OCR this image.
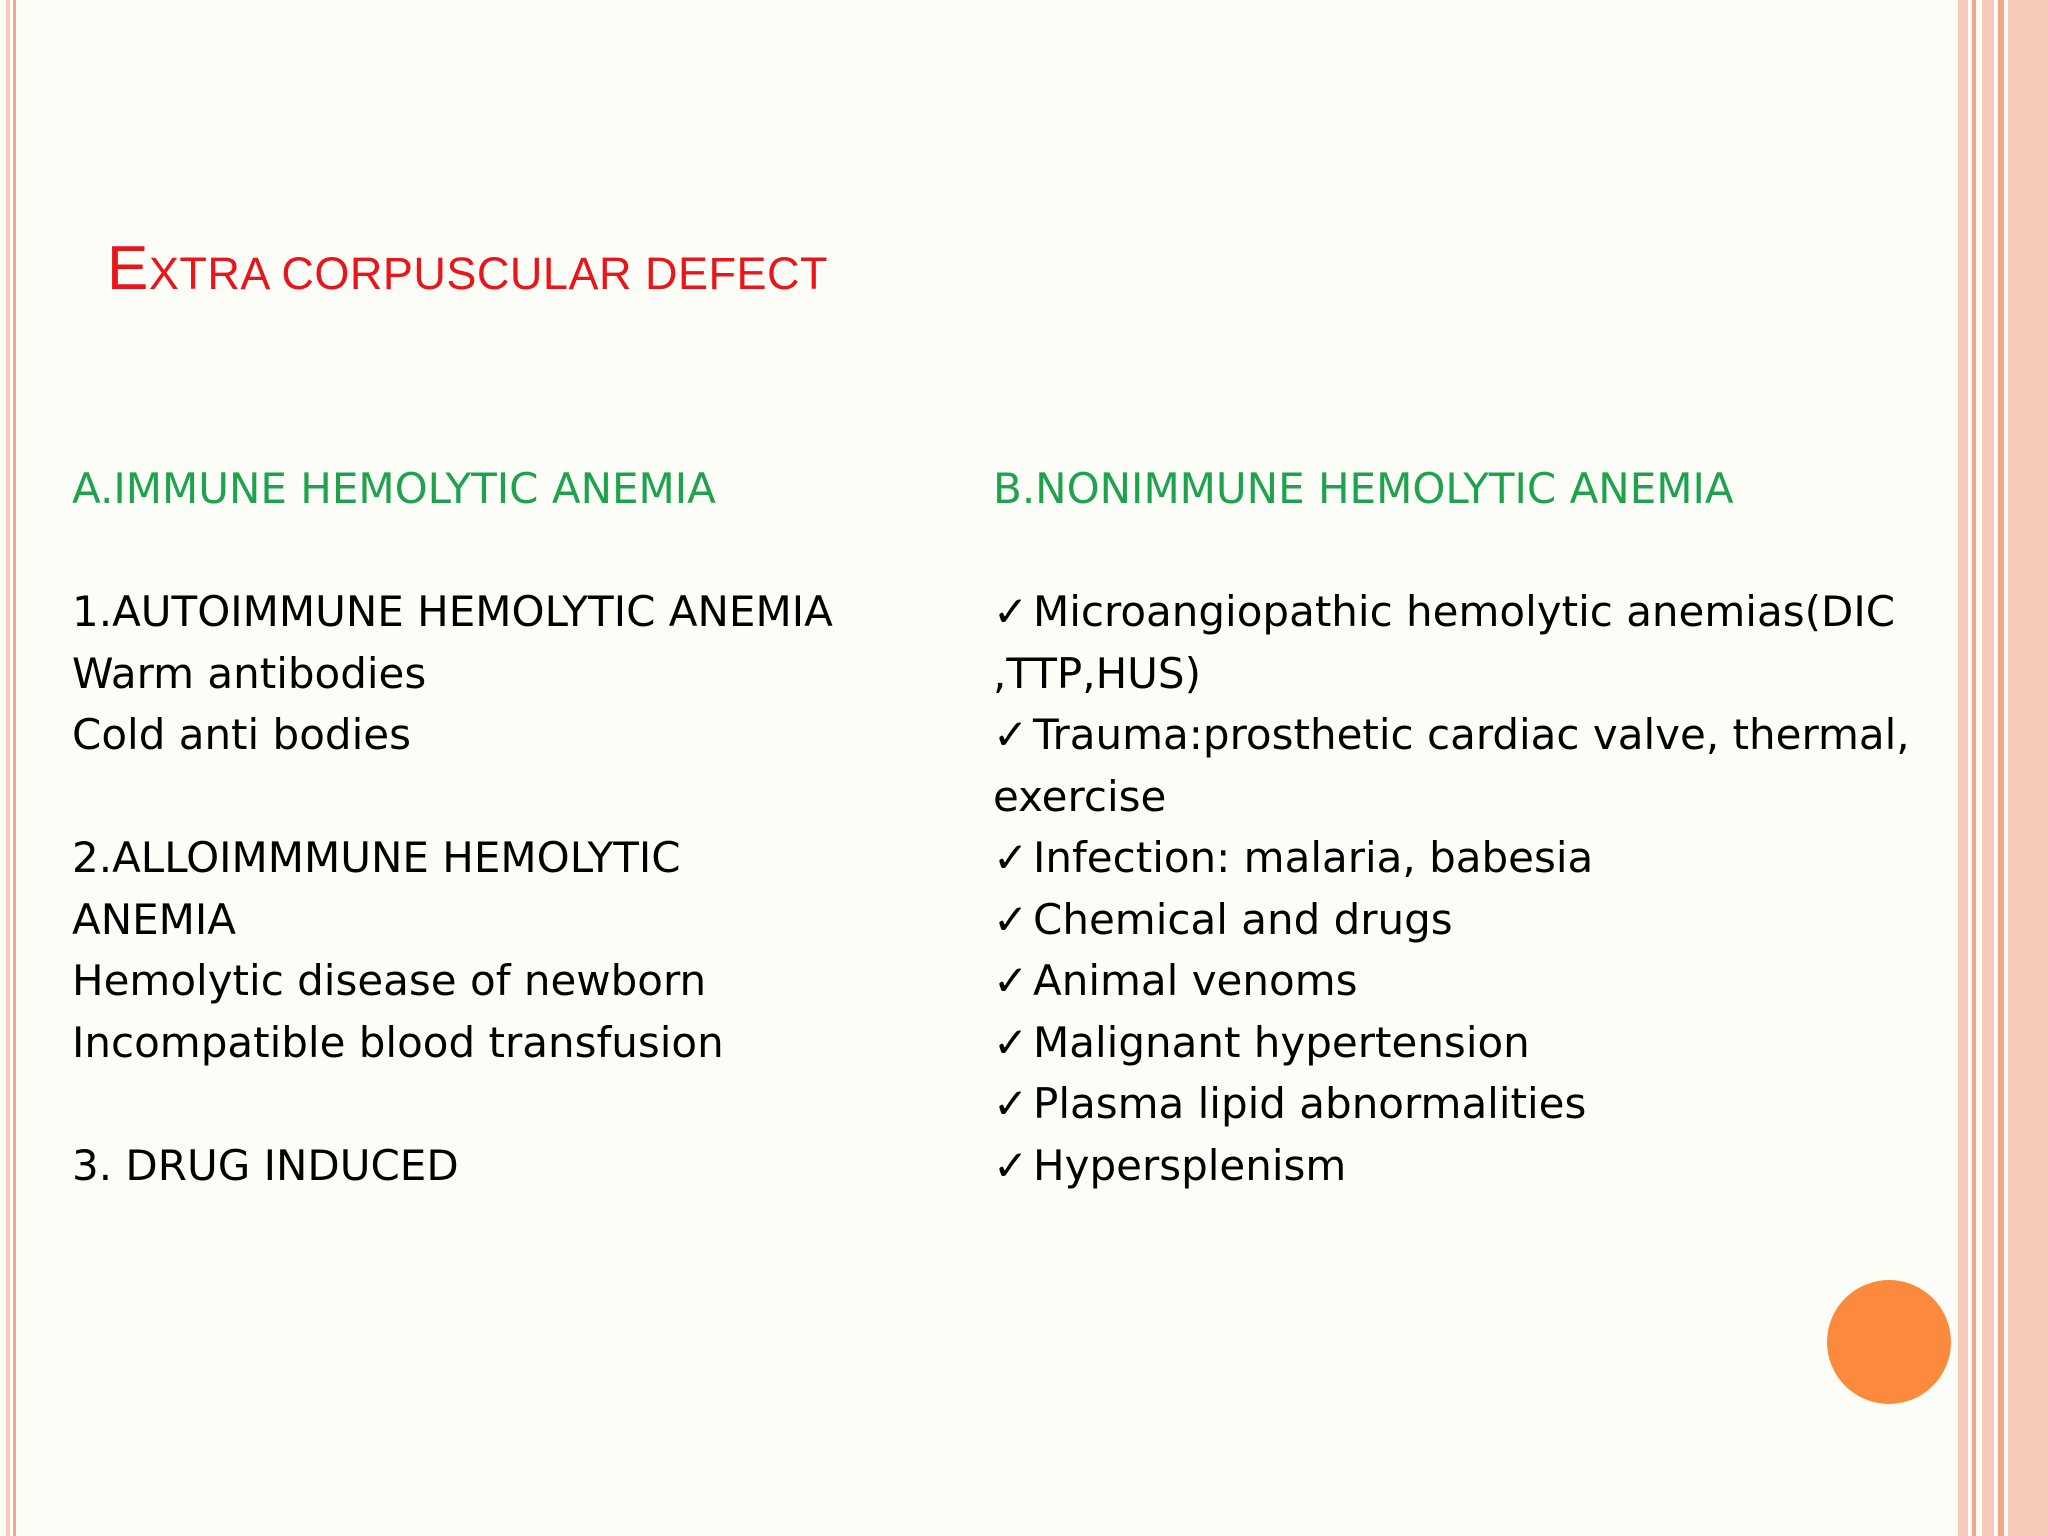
EXTRA CORPUSCULAR DEFECT
A.IMMUNE HEMOLYTIC ANEMIA
1.AUTOIMMUNE HEMOLYTIC ANEMIA
Warm antibodies
Cold anti bodies
2.ALLOIMMMUNE HEMOLYTIC
ANEMIA
Hemolytic disease of newborn
Incompatible blood transfusion
3. DRUG INDUCED
B.NONIMMUNE HEMOLYTIC ANEMIA
✓ Microangiopathic hemolytic anemias(DIC
,TTP,HUS)
✓ Trauma:prosthetic cardiac valve, thermal,
exercise
✓ Infection: malaria, babesia
✓ Chemical and drugs
✓ Animal venoms
✓ Malignant hypertension
✓ Plasma lipid abnormalities
✓ Hypersplenism
